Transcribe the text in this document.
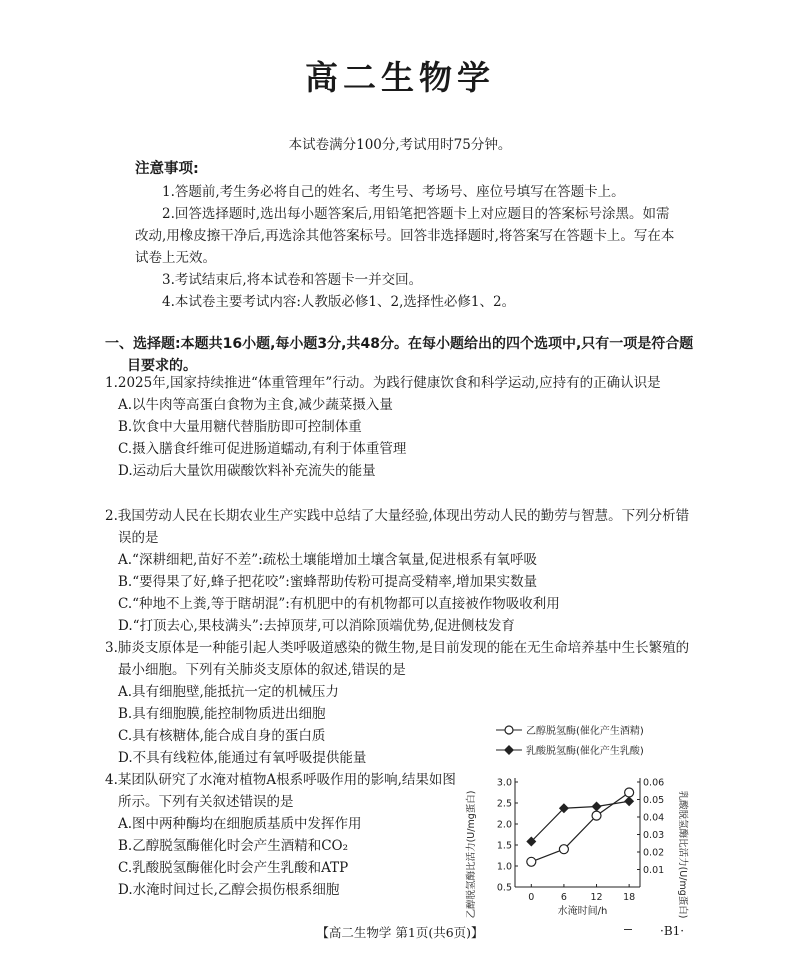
高二生物学
本试卷满分100分,考试用时75分钟。
注意事项:

1.答题前,考生务必将自己的姓名、考生号、考场号、座位号填写在答题卡上。

2.回答选择题时,选出每小题答案后,用铅笔把答题卡上对应题目的答案标号涂黑。如需改动,用橡皮擦干净后,再选涂其他答案标号。回答非选择题时,将答案写在答题卡上。写在本试卷上无效。

3.考试结束后,将本试卷和答题卡一并交回。

4.本试卷主要考试内容:人教版必修1、2,选择性必修1、2。

一、选择题:本题共16小题,每小题3分,共48分。在每小题给出的四个选项中,只有一项是符合题目要求的。

1.2025年,国家持续推进“体重管理年”行动。为践行健康饮食和科学运动,应持有的正确认识是

A.以牛肉等高蛋白食物为主食,减少蔬菜摄入量

B.饮食中大量用糖代替脂肪即可控制体重

C.摄入膳食纤维可促进肠道蠕动,有利于体重管理

D.运动后大量饮用碳酸饮料补充流失的能量

2.我国劳动人民在长期农业生产实践中总结了大量经验,体现出劳动人民的勤劳与智慧。下列分析错误的是

A.“深耕细耙,苗好不差”:疏松土壤能增加土壤含氧量,促进根系有氧呼吸

B.“要得果了好,蜂子把花咬”:蜜蜂帮助传粉可提高受精率,增加果实数量

C.“种地不上粪,等于瞎胡混”:有机肥中的有机物都可以直接被作物吸收利用

D.“打顶去心,果枝满头”:去掉顶芽,可以消除顶端优势,促进侧枝发育

3.肺炎支原体是一种能引起人类呼吸道感染的微生物,是目前发现的能在无生命培养基中生长繁殖的最小细胞。下列有关肺炎支原体的叙述,错误的是

A.具有细胞壁,能抵抗一定的机械压力

B.具有细胞膜,能控制物质进出细胞

C.具有核糖体,能合成自身的蛋白质

D.不具有线粒体,能通过有氧呼吸提供能量

4.某团队研究了水淹对植物A根系呼吸作用的影响,结果如图所示。下列有关叙述错误的是

A.图中两种酶均在细胞质基质中发挥作用

B.乙醇脱氢酶催化时会产生酒精和CO₂

C.乳酸脱氢酶催化时会产生乳酸和ATP

D.水淹时间过长,乙醇会损伤根系细胞

乙醇脱氢酶(催化产生酒精)
乳酸脱氢酶(催化产生乳酸)
0.5
1.0
1.5
2.0
2.5
3.0
0.01
0.02
0.03
0.04
0.05
0.06
0	6 12 18
水淹时间/h
乙醇脱氢酶比活力(U/mg蛋白)	乳酸脱氢酶比活力(U/mg蛋白)
【高二生物学 第1页(共6页)】	·B1·
